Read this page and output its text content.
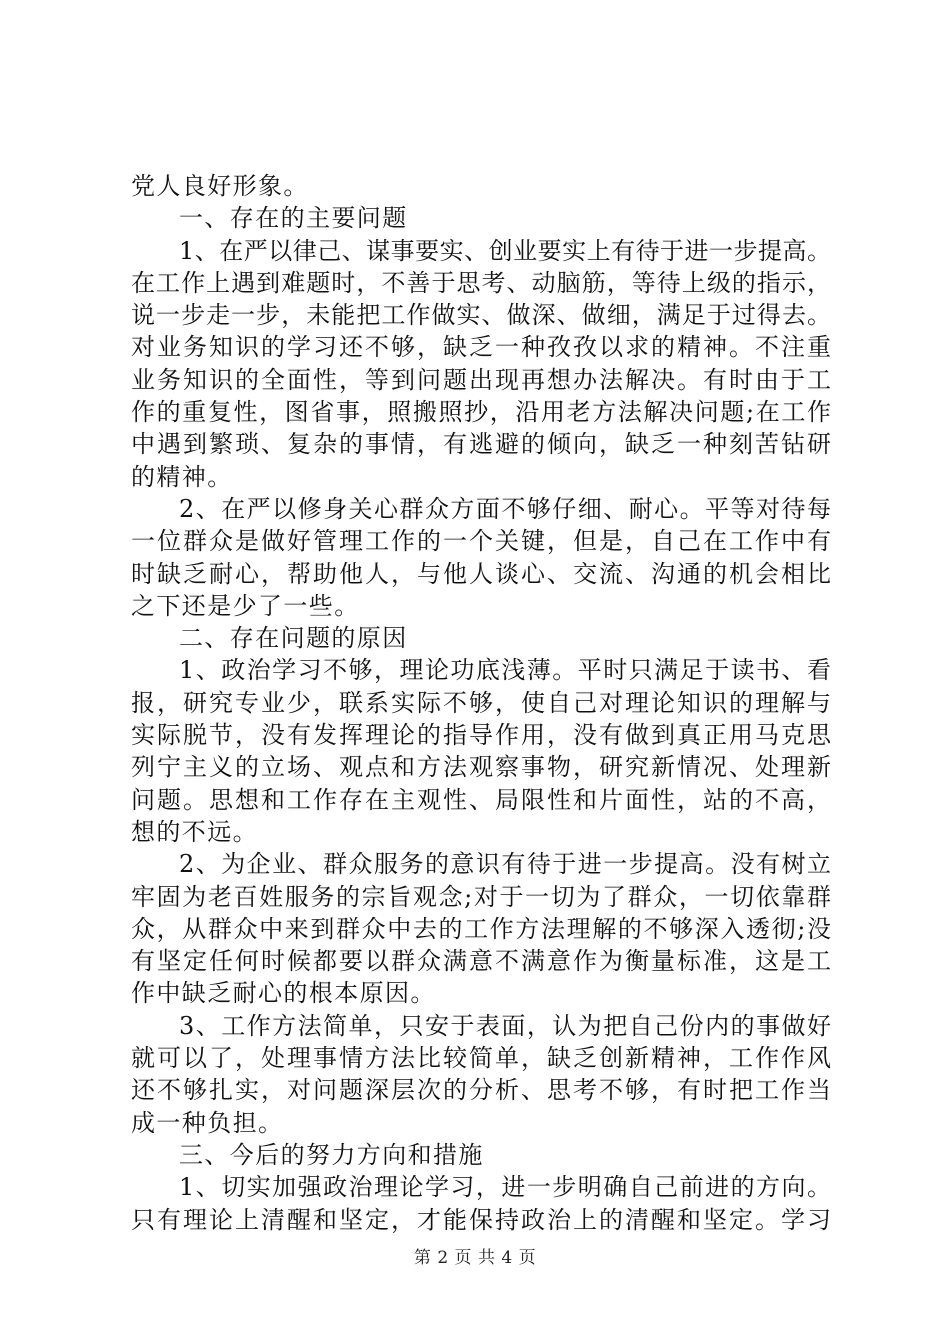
党人良好形象。
一、存在的主要问题
1、在严以律己、谋事要实、创业要实上有待于进一步提高。
在工作上遇到难题时，不善于思考、动脑筋，等待上级的指示，
说一步走一步，未能把工作做实、做深、做细，满足于过得去。
对业务知识的学习还不够，缺乏一种孜孜以求的精神。不注重
业务知识的全面性，等到问题出现再想办法解决。有时由于工
作的重复性，图省事，照搬照抄，沿用老方法解决问题;在工作
中遇到繁琐、复杂的事情，有逃避的倾向，缺乏一种刻苦钻研
的精神。
2、在严以修身关心群众方面不够仔细、耐心。平等对待每
一位群众是做好管理工作的一个关键，但是，自己在工作中有
时缺乏耐心，帮助他人，与他人谈心、交流、沟通的机会相比
之下还是少了一些。
二、存在问题的原因
1、政治学习不够，理论功底浅薄。平时只满足于读书、看
报，研究专业少，联系实际不够，使自己对理论知识的理解与
实际脱节，没有发挥理论的指导作用，没有做到真正用马克思
列宁主义的立场、观点和方法观察事物，研究新情况、处理新
问题。思想和工作存在主观性、局限性和片面性，站的不高，
想的不远。
2、为企业、群众服务的意识有待于进一步提高。没有树立
牢固为老百姓服务的宗旨观念;对于一切为了群众，一切依靠群
众，从群众中来到群众中去的工作方法理解的不够深入透彻;没
有坚定任何时候都要以群众满意不满意作为衡量标准，这是工
作中缺乏耐心的根本原因。
3、工作方法简单，只安于表面，认为把自己份内的事做好
就可以了，处理事情方法比较简单，缺乏创新精神，工作作风
还不够扎实，对问题深层次的分析、思考不够，有时把工作当
成一种负担。
三、今后的努力方向和措施
1、切实加强政治理论学习，进一步明确自己前进的方向。
只有理论上清醒和坚定，才能保持政治上的清醒和坚定。学习
第 2 页 共 4 页
